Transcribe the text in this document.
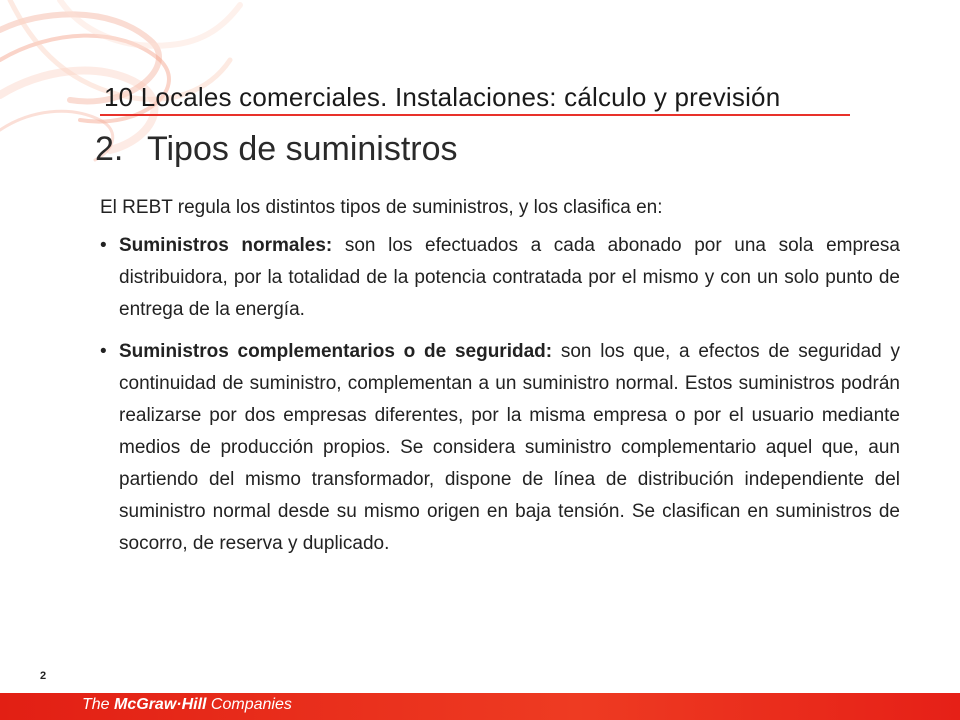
10 Locales comerciales. Instalaciones: cálculo y previsión
2. Tipos de suministros

El REBT regula los distintos tipos de suministros, y los clasifica en:

• Suministros normales: son los efectuados a cada abonado por una sola empresa distribuidora, por la totalidad de la potencia contratada por el mismo y con un solo punto de entrega de la energía.
• Suministros complementarios o de seguridad: son los que, a efectos de seguridad y continuidad de suministro, complementan a un suministro normal. Estos suministros podrán realizarse por dos empresas diferentes, por la misma empresa o por el usuario mediante medios de producción propios. Se considera suministro complementario aquel que, aun partiendo del mismo transformador, dispone de línea de distribución independiente del suministro normal desde su mismo origen en baja tensión. Se clasifican en suministros de socorro, de reserva y duplicado.
2
The McGraw·Hill Companies
